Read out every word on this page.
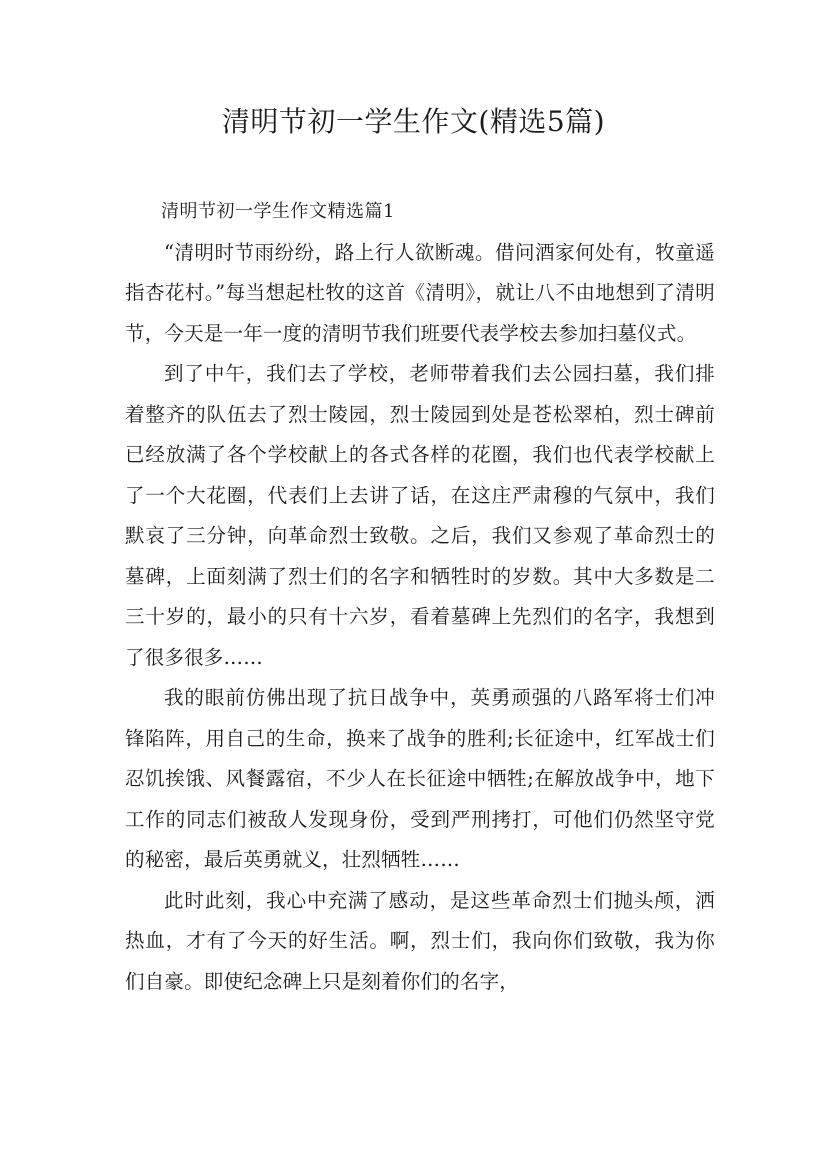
清明节初一学生作文(精选5篇)

清明节初一学生作文精选篇1

“清明时节雨纷纷，路上行人欲断魂。借问酒家何处有，牧童遥指杏花村。”每当想起杜牧的这首《清明》，就让八不由地想到了清明节，今天是一年一度的清明节我们班要代表学校去参加扫墓仪式。

到了中午，我们去了学校，老师带着我们去公园扫墓，我们排着整齐的队伍去了烈士陵园，烈士陵园到处是苍松翠柏，烈士碑前已经放满了各个学校献上的各式各样的花圈，我们也代表学校献上了一个大花圈，代表们上去讲了话，在这庄严肃穆的气氛中，我们默哀了三分钟，向革命烈士致敬。之后，我们又参观了革命烈士的墓碑，上面刻满了烈士们的名字和牺牲时的岁数。其中大多数是二三十岁的，最小的只有十六岁，看着墓碑上先烈们的名字，我想到了很多很多……

我的眼前仿佛出现了抗日战争中，英勇顽强的八路军将士们冲锋陷阵，用自己的生命，换来了战争的胜利;长征途中，红军战士们忍饥挨饿、风餐露宿，不少人在长征途中牺牲;在解放战争中，地下工作的同志们被敌人发现身份，受到严刑拷打，可他们仍然坚守党的秘密，最后英勇就义，壮烈牺牲……

此时此刻，我心中充满了感动，是这些革命烈士们抛头颅，洒热血，才有了今天的好生活。啊，烈士们，我向你们致敬，我为你们自豪。即使纪念碑上只是刻着你们的名字，
